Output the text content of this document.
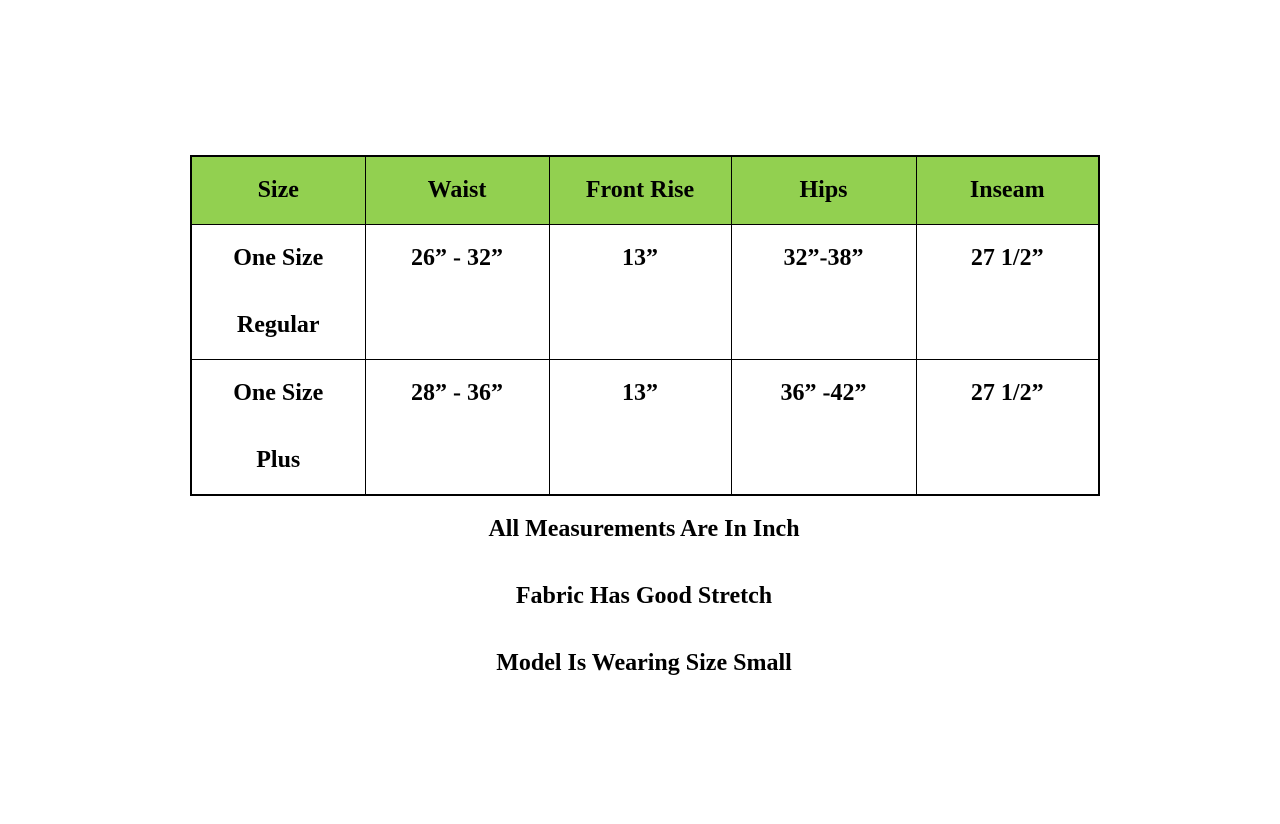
Size	Waist	Front Rise	Hips	Inseam

One Size
Regular	26” - 32”	13”	32”-38”	27 1/2”

One Size
Plus	28” - 36”	13”	36” -42”	27 1/2”

All Measurements Are In Inch

Fabric Has Good Stretch

Model Is Wearing Size Small
